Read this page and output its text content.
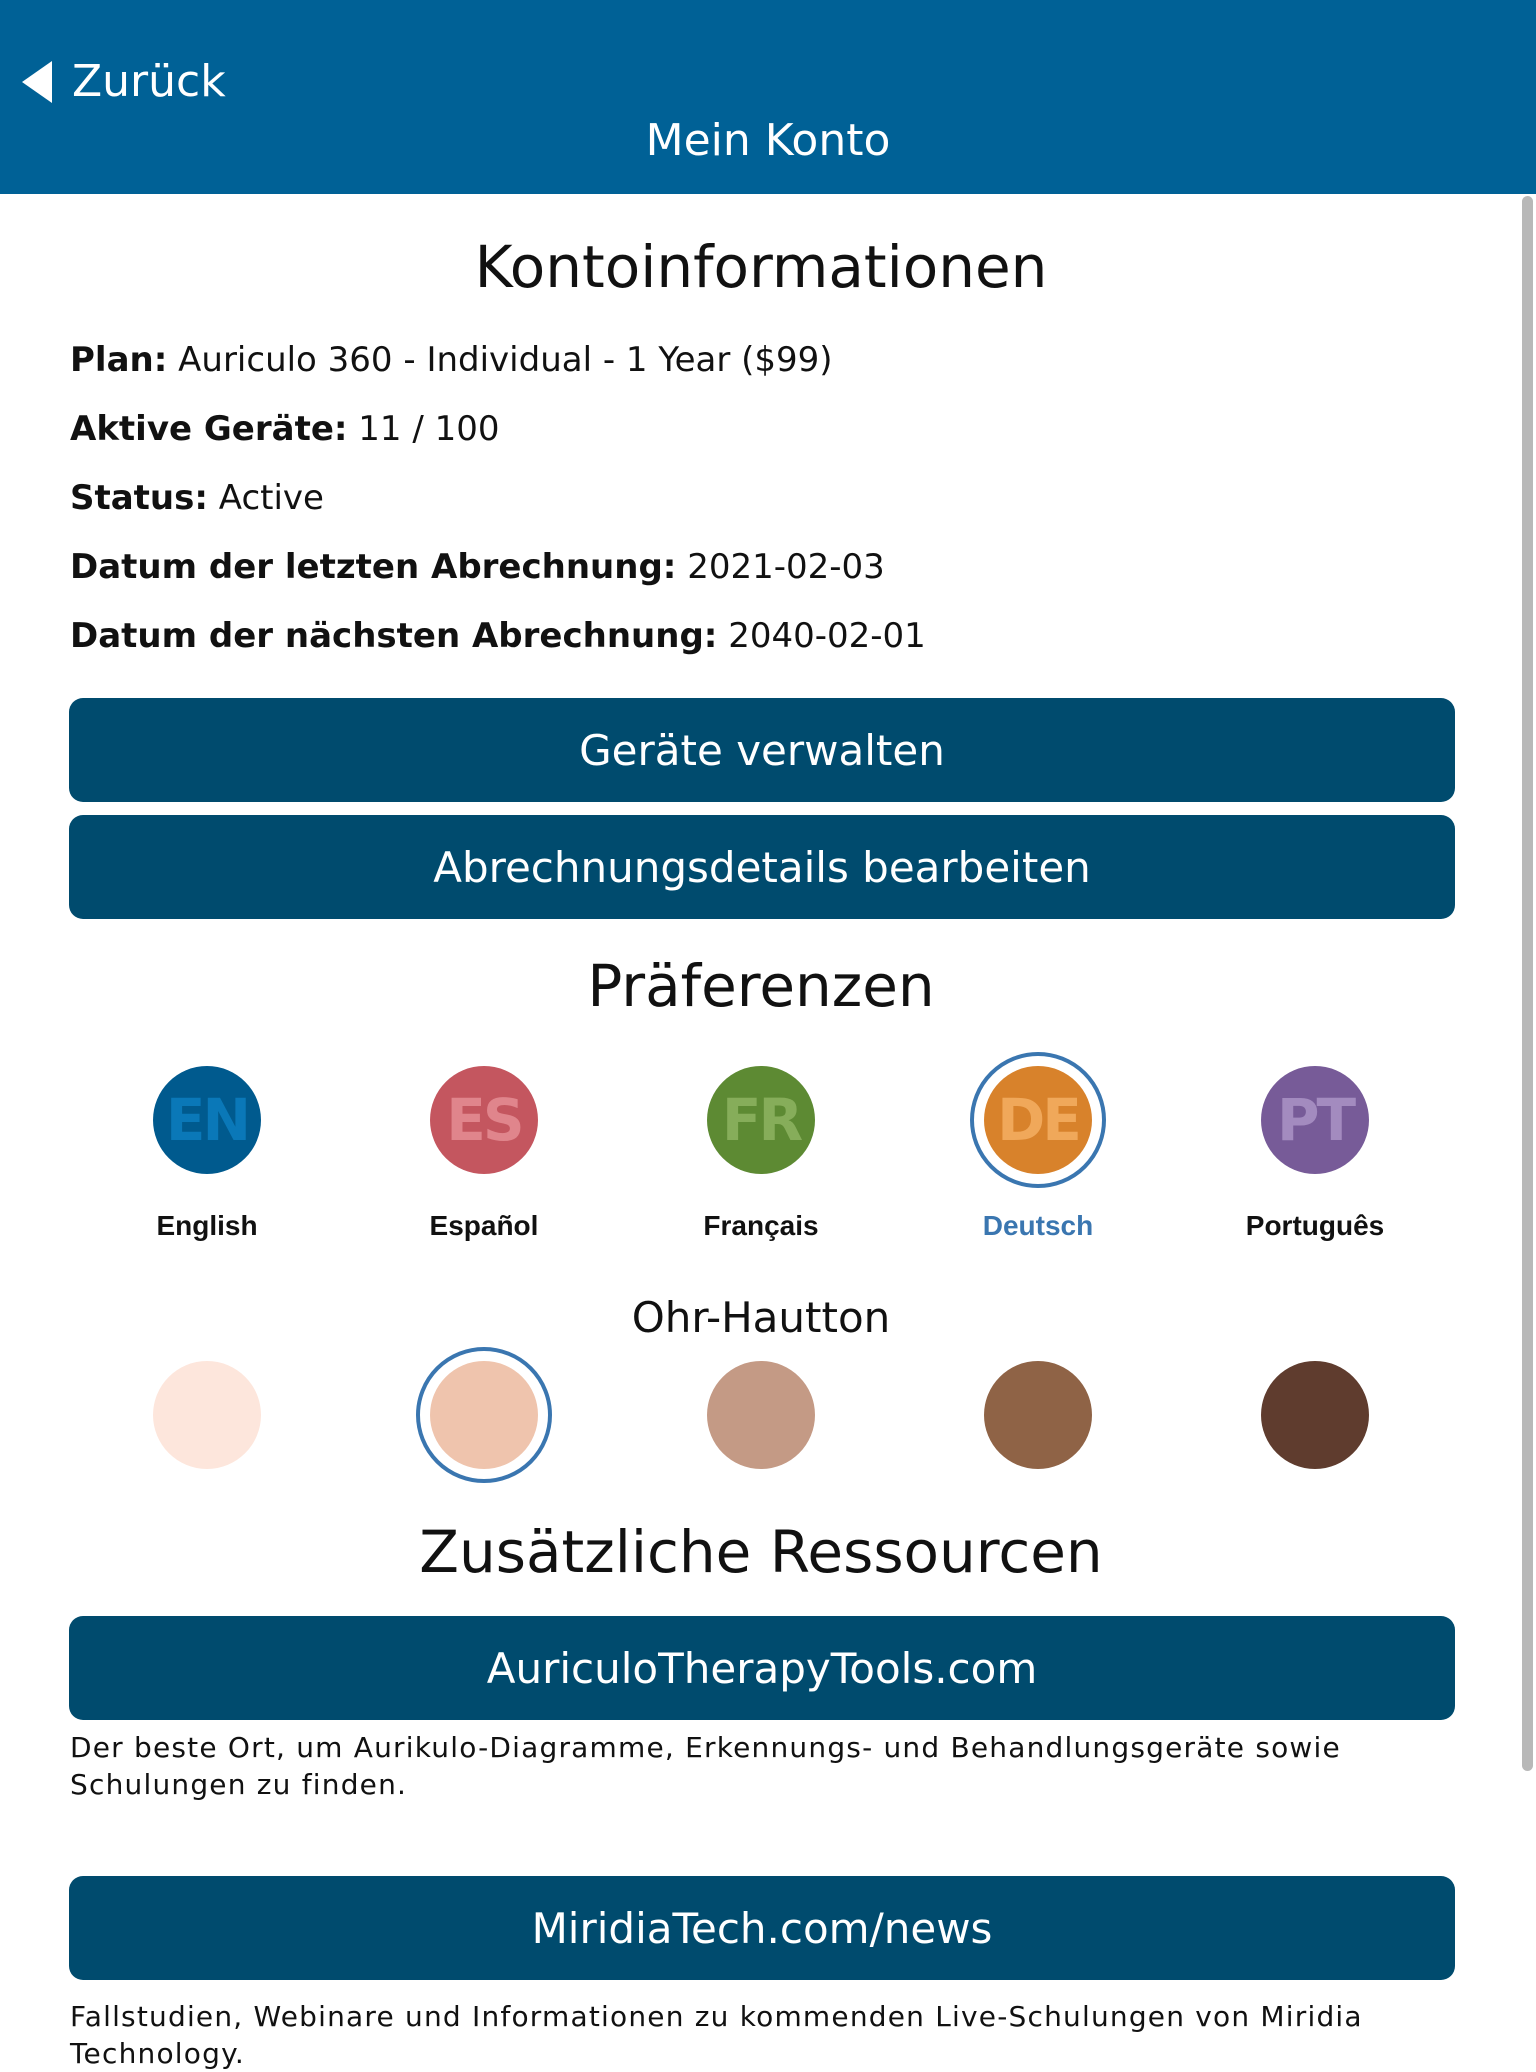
Zurück
Mein Konto
Kontoinformationen
Plan: Auriculo 360 - Individual - 1 Year ($99)
Aktive Geräte: 11 / 100
Status: Active
Datum der letzten Abrechnung: 2021-02-03
Datum der nächsten Abrechnung: 2040-02-01
Geräte verwalten
Abrechnungsdetails bearbeiten
Präferenzen
EN
English
ES
Español
FR
Français
DE
Deutsch
PT
Português
Ohr-Hautton
Zusätzliche Ressourcen
AuriculoTherapyTools.com
Der beste Ort, um Aurikulo-Diagramme, Erkennungs- und Behandlungsgeräte sowie Schulungen zu finden.
MiridiaTech.com/news
Fallstudien, Webinare und Informationen zu kommenden Live-Schulungen von Miridia Technology.
